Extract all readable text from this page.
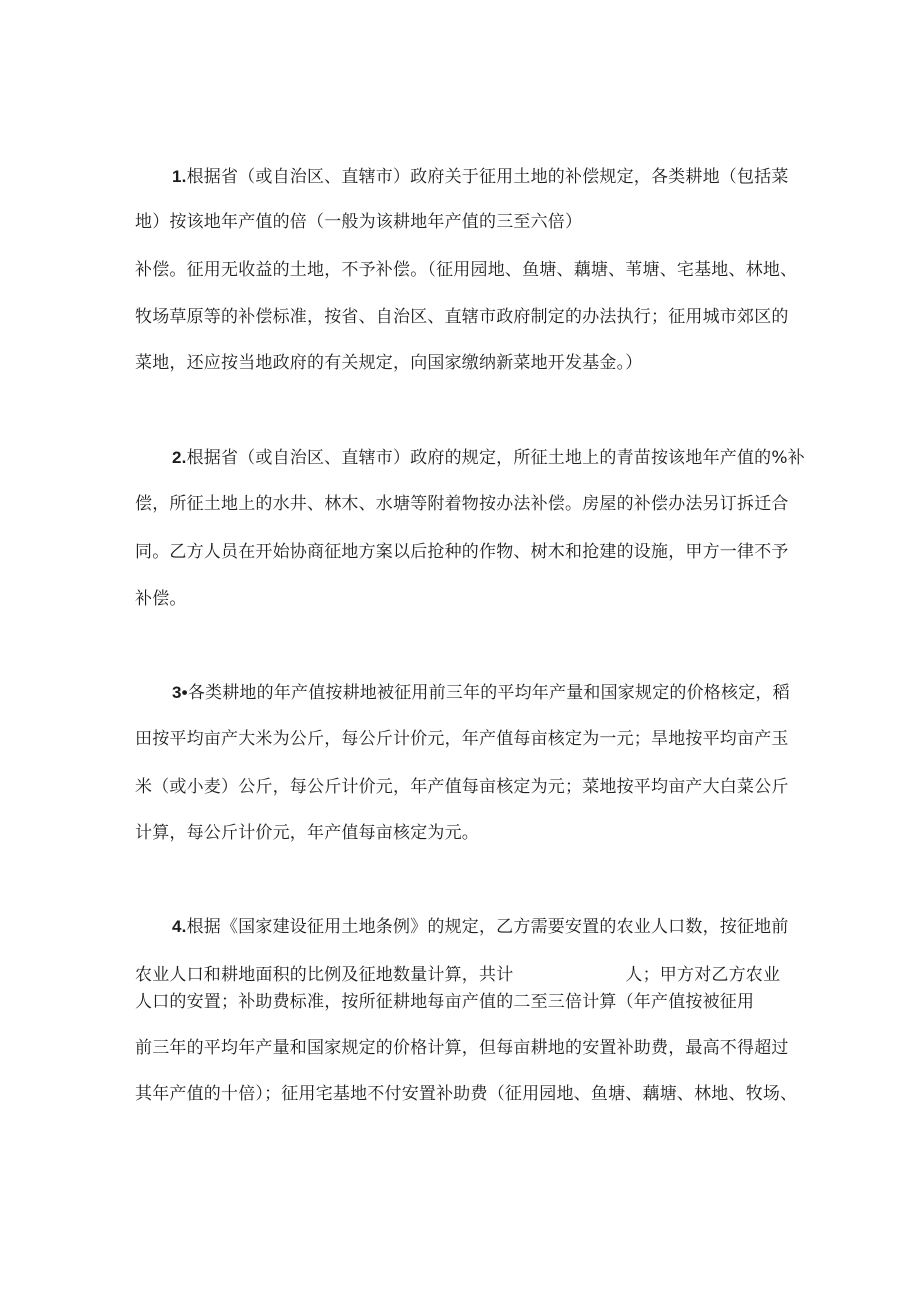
1.根据省（或自治区、直辖市）政府关于征用土地的补偿规定，各类耕地（包括菜
地）按该地年产值的倍（一般为该耕地年产值的三至六倍）
补偿。征用无收益的土地，不予补偿。（征用园地、鱼塘、藕塘、苇塘、宅基地、林地、
牧场草原等的补偿标准，按省、自治区、直辖市政府制定的办法执行；征用城市郊区的
菜地，还应按当地政府的有关规定，向国家缴纳新菜地开发基金。）
2.根据省（或自治区、直辖市）政府的规定，所征土地上的青苗按该地年产值的%补
偿，所征土地上的水井、林木、水塘等附着物按办法补偿。房屋的补偿办法另订拆迁合
同。乙方人员在开始协商征地方案以后抢种的作物、树木和抢建的设施，甲方一律不予
补偿。
3•各类耕地的年产值按耕地被征用前三年的平均年产量和国家规定的价格核定，稻
田按平均亩产大米为公斤，每公斤计价元，年产值每亩核定为一元；旱地按平均亩产玉
米（或小麦）公斤，每公斤计价元，年产值每亩核定为元；菜地按平均亩产大白菜公斤
计算，每公斤计价元，年产值每亩核定为元。
4.根据《国家建设征用土地条例》的规定，乙方需要安置的农业人口数，按征地前
农业人口和耕地面积的比例及征地数量计算，共计	人；甲方对乙方农业
人口的安置；补助费标准，按所征耕地每亩产值的二至三倍计算（年产值按被征用
前三年的平均年产量和国家规定的价格计算，但每亩耕地的安置补助费，最高不得超过
其年产值的十倍）；征用宅基地不付安置补助费（征用园地、鱼塘、藕塘、林地、牧场、
